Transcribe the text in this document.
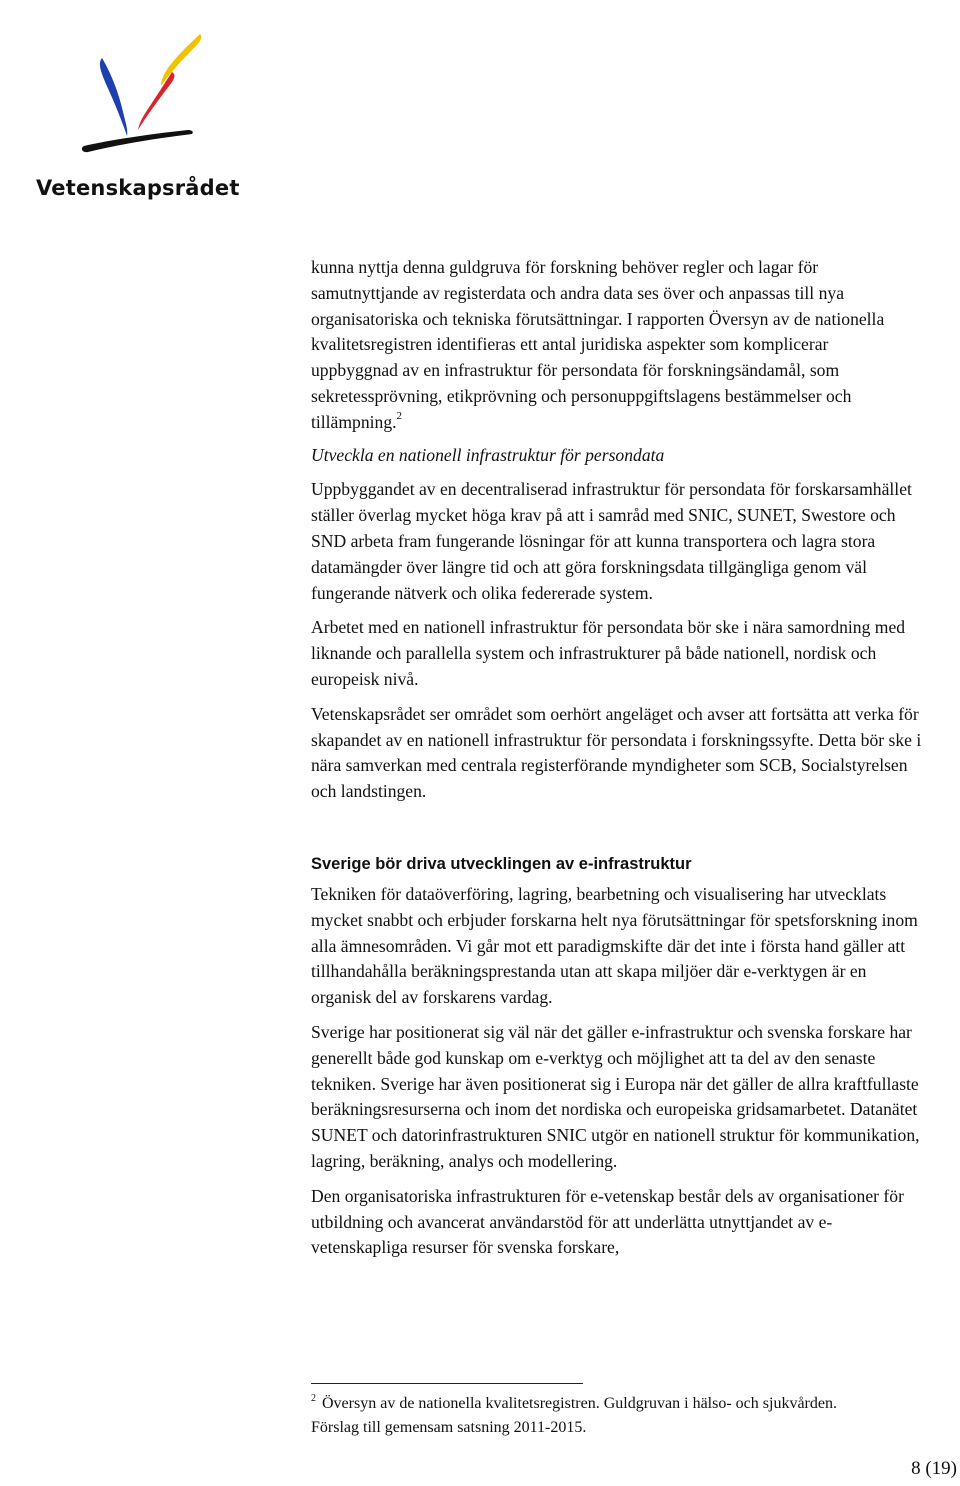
Vetenskapsrådet

kunna nyttja denna guldgruva för forskning behöver regler och lagar för samutnyttjande av registerdata och andra data ses över och anpassas till nya organisatoriska och tekniska förutsättningar. I rapporten Översyn av de nationella kvalitetsregistren identifieras ett antal juridiska aspekter som komplicerar uppbyggnad av en infrastruktur för persondata för forskningsändamål, som sekretessprövning, etikprövning och personuppgiftslagens bestämmelser och tillämpning.$^2$

Utveckla en nationell infrastruktur för persondata

Uppbyggandet av en decentraliserad infrastruktur för persondata för forskarsamhället ställer överlag mycket höga krav på att i samråd med SNIC, SUNET, Swestore och SND arbeta fram fungerande lösningar för att kunna transportera och lagra stora datamängder över längre tid och att göra forskningsdata tillgängliga genom väl fungerande nätverk och olika federerade system.

Arbetet med en nationell infrastruktur för persondata bör ske i nära samordning med liknande och parallella system och infrastrukturer på både nationell, nordisk och europeisk nivå.

Vetenskapsrådet ser området som oerhört angeläget och avser att fortsätta att verka för skapandet av en nationell infrastruktur för persondata i forskningssyfte. Detta bör ske i nära samverkan med centrala registerförande myndigheter som SCB, Socialstyrelsen och landstingen.

Sverige bör driva utvecklingen av e-infrastruktur

Tekniken för dataöverföring, lagring, bearbetning och visualisering har utvecklats mycket snabbt och erbjuder forskarna helt nya förutsättningar för spetsforskning inom alla ämnesområden. Vi går mot ett paradigmskifte där det inte i första hand gäller att tillhandahålla beräkningsprestanda utan att skapa miljöer där e-verktygen är en organisk del av forskarens vardag.

Sverige har positionerat sig väl när det gäller e-infrastruktur och svenska forskare har generellt både god kunskap om e-verktyg och möjlighet att ta del av den senaste tekniken. Sverige har även positionerat sig i Europa när det gäller de allra kraftfullaste beräkningsresurserna och inom det nordiska och europeiska gridsamarbetet. Datanätet SUNET och datorinfrastrukturen SNIC utgör en nationell struktur för kommunikation, lagring, beräkning, analys och modellering.

Den organisatoriska infrastrukturen för e-vetenskap består dels av organisationer för utbildning och avancerat användarstöd för att underlätta utnyttjandet av e-vetenskapliga resurser för svenska forskare,

$^2$ Översyn av de nationella kvalitetsregistren. Guldgruvan i hälso- och sjukvården. Förslag till gemensam satsning 2011-2015.
8 (19)
